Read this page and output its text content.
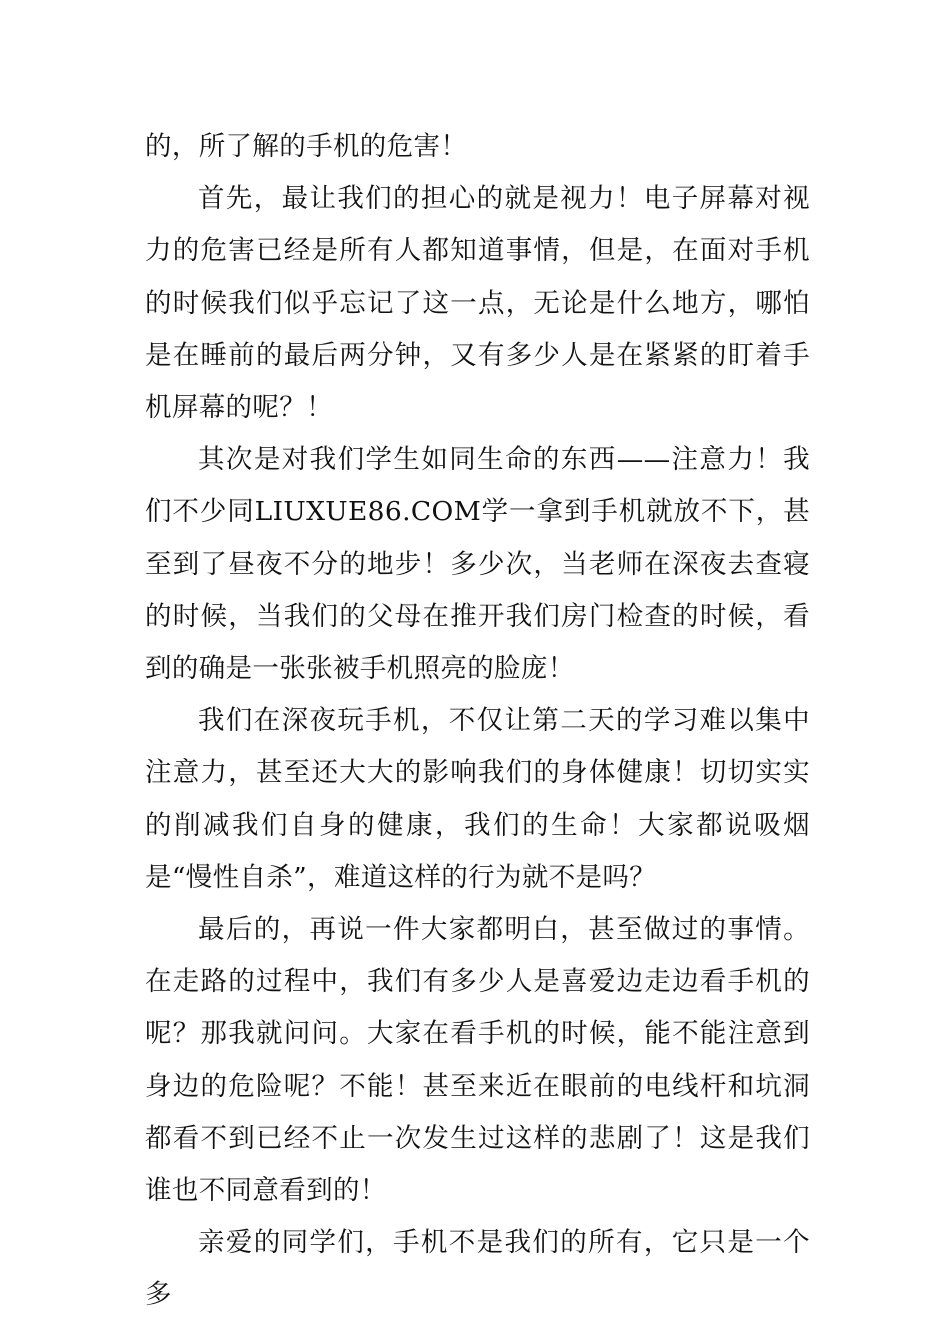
的，所了解的手机的危害！

首先，最让我们的担心的就是视力！电子屏幕对视力的危害已经是所有人都知道事情，但是，在面对手机的时候我们似乎忘记了这一点，无论是什么地方，哪怕是在睡前的最后两分钟，又有多少人是在紧紧的盯着手机屏幕的呢？！

其次是对我们学生如同生命的东西——注意力！我们不少同LIUXUE86.COM学一拿到手机就放不下，甚至到了昼夜不分的地步！多少次，当老师在深夜去查寝的时候，当我们的父母在推开我们房门检查的时候，看到的确是一张张被手机照亮的脸庞！

我们在深夜玩手机，不仅让第二天的学习难以集中注意力，甚至还大大的影响我们的身体健康！切切实实的削减我们自身的健康，我们的生命！大家都说吸烟是“慢性自杀”，难道这样的行为就不是吗？

最后的，再说一件大家都明白，甚至做过的事情。在走路的过程中，我们有多少人是喜爱边走边看手机的呢？那我就问问。大家在看手机的时候，能不能注意到身边的危险呢？不能！甚至来近在眼前的电线杆和坑洞都看不到已经不止一次发生过这样的悲剧了！这是我们谁也不同意看到的！

亲爱的同学们，手机不是我们的所有，它只是一个多
